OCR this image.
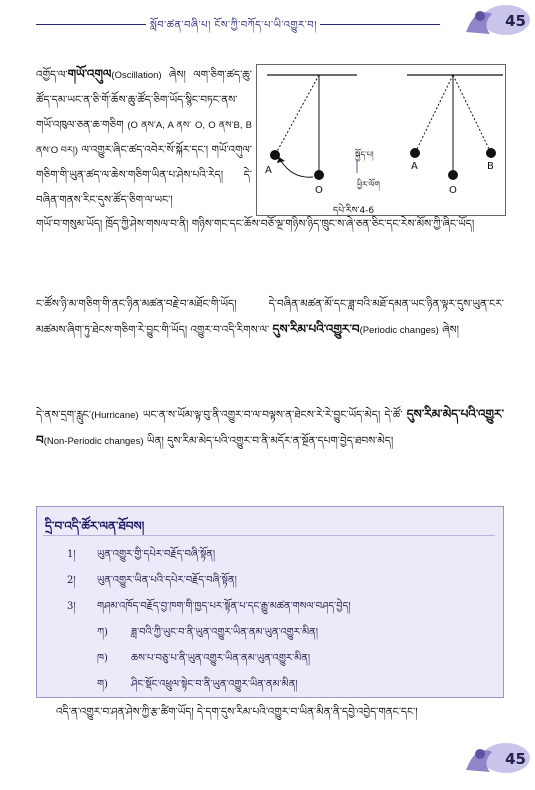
སློབ་ཚན་བཞི་པ། ངོས་ཀྱི་བཀོད་པ་ཡི་འགྱུར་བ།	45
འགྱོད་ལ་གཡོ་འགུལ(Oscillation) ཞེས། ལག་ཅིག་ཚད་ཆུ་ཚོད་དམ་ཡང་ན་ཅི་གོ་ཆོས་ཆུ་ཚོད་ཅིག་ཡོད་སྙིང་བཏང་ནས་གཡོ་འཁུལ་ཅན་ཆ་གཅིག (O ནས་A, A ནས་ O, O ནས་B, B ནས་O བར།) ལ་འགྱུར་ཞིང་ཚད་འབེར་སོ་སྐོར་དང་། གཡོ་འགུལ་གཅིག་གི་ཡུན་ཚད་ལ་ཆེས་གཅིག་ཡིན་པ་ཤེས་པའི་རེད། དེ་བཞིན་གནས་རིང་དུས་ཚོད་ཅིག་ལ་ཡང་།
A
O
སྐྱོད་པ།
ཕྱིར་ལོག
A	B
O
དཔེ་རིས་4-6
གཡོ་བ་གསུམ་ཡོད། ཁྲོད་ཀྱི་ཤེས་གསལ་བ་ནི། གཉིས་གང་དང་ཆོས་བཅོ་ལྔ་གཉིས་ཉིད་ཁྲུང་ས་ཞེ་ཅན་ཅིང་དང་རེས་མོས་ཀྱི་ཞིང་ཡོད།
ང་ཚོས་ཉི་མ་གཅིག་གི་ནང་ཉིན་མཚན་བརྗེ་བ་མཐོང་གི་ཡོད། དེ་བཞིན་མཚན་མོ་དང་ཟླ་བའི་མཐོ་དམན་ཡང་ཉིན་ལྟར་དུས་ཡུན་ངར་མཚམས་ཞིག་ཏུ་ཐེངས་གཅིག་རེ་བྱུང་གི་ཡོད། འགྱུར་བ་འདི་རིགས་ལ་ དུས་རིམ་པའི་འགྱུར་བ(Periodic changes) ཞེས།
དེ་ནས་དྲག་རླུང་(Hurricane) ཡང་ན་ས་ཡོམ་ལྟ་བུ་ནི་འགྱུར་བ་ལ་བལྟས་ན་ཐེངས་རེ་རེ་བྱུང་ཡོད་མེད། དེ་ཚོ་ དུས་རིམ་མེད་པའི་འགྱུར་བ(Non-Periodic changes) ཡིན། དུས་རིམ་མེད་པའི་འགྱུར་བ་ནི་མདོར་ན་སྔོན་དཔག་བྱེད་ཐབས་མེད།
དྲི་བ་འདི་ཚོར་ལན་ཐོབས།
1། ཡུན་འགྱུར་གྱི་དཔེར་བརྗོད་བཞི་སྟོན།
2། ཡུན་འགྱུར་ཡིན་པའི་དཔེར་བརྗོད་བཞི་སྟོན།
3། གཤམ་འཁོད་བརྗོད་བྱ་ཁག་གི་ཁྱད་པར་སྟོན་པ་དང་རྒྱུ་མཚན་གསལ་བཤད་བྱེད།
ཀ) ཟླ་བའི་ཀྱི་ཡུང་བ་ནི་ཡུན་འགྱུར་ཡིན་ནམ་ཡུན་འགྱུར་མིན།
ཁ) ཆས་པ་བཅུ་པ་ནི་ཡུན་འགྱུར་ཡིན་ནམ་ཡུན་འགྱུར་མིན།
ག) ཤིང་སྡོང་འཕྲུལ་སྟེང་བ་ནི་ཡུན་འགྱུར་ཡིན་ནམ་མིན།
འདི་ན་འགྱུར་བ་ཤན་ཤེས་ཀྱི་རྩ་ཚིག་ཡོད། དེ་དག་དུས་རིམ་པའི་འགྱུར་བ་ཡིན་མིན་ནི་དབྱེ་འབྱེད་གནང་དང་།
45
